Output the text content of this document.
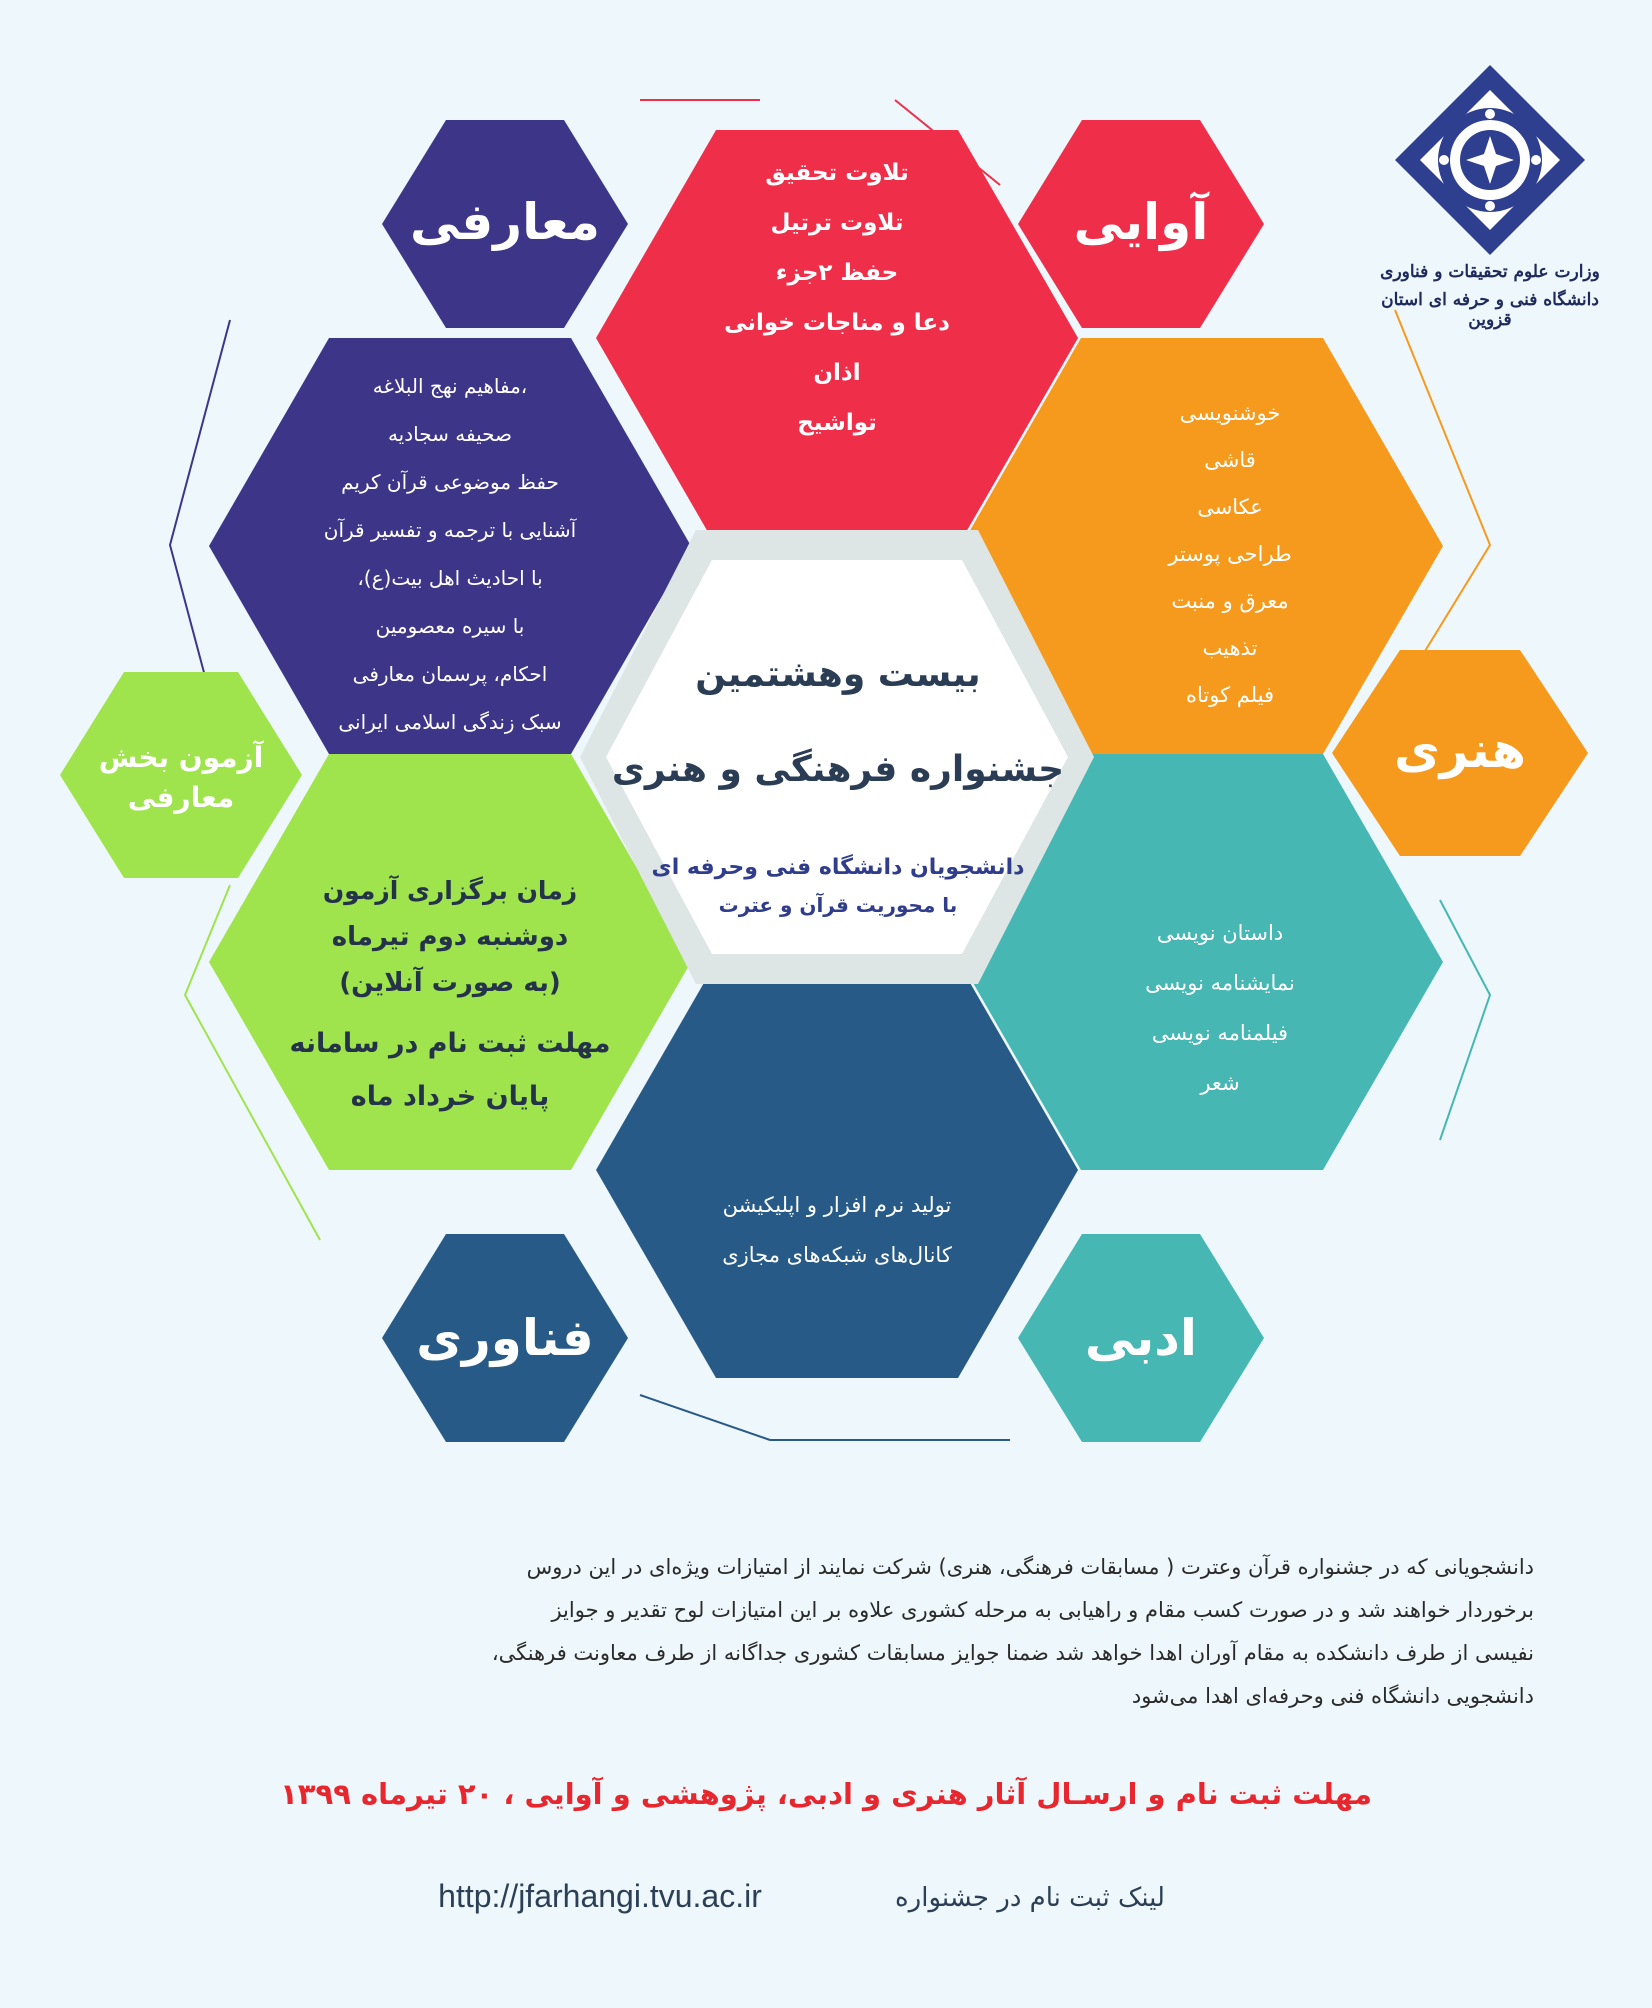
وزارت علوم تحقیقات و فناوری
دانشگاه فنی و حرفه ای استان قزوین
معارفی	آوایی
هنری
ادبی
فناوری
آزمون بخش
معارفی
تلاوت تحقیق
تلاوت ترتیل
حفظ ۲جزء
دعا و مناجات خوانی
اذان
تواشیح
،مفاهیم نهج البلاغه
صحیفه سجادیه
حفظ موضوعی قرآن کریم
آشنایی با ترجمه و تفسیر قرآن
با احادیث اهل بیت(ع)،
با سیره معصومین
احکام، پرسمان معارفی
سبک زندگی اسلامی ایرانی
خوشنویسی
قاشی
عکاسی
طراحی پوستر
معرق و منبت
تذهیب
فیلم کوتاه
داستان نویسی
نمایشنامه نویسی
فیلمنامه نویسی
شعر
تولید نرم افزار و اپلیکیشن
کانال‌های شبکه‌های مجازی
زمان برگزاری آزمون
دوشنبه دوم تیرماه
(به صورت آنلاین)
مهلت ثبت نام در سامانه
پایان خرداد ماه
بیست وهشتمین
جشنواره فرهنگی و هنری
دانشجویان دانشگاه فنی وحرفه ای
با محوریت قرآن و عترت
دانشجویانی که در جشنواره قرآن وعترت ( مسابقات فرهنگی، هنری) شرکت نمایند از امتیازات ویژه‌ای در این دروس
برخوردار خواهند شد و در صورت کسب مقام و راهیابی به مرحله کشوری علاوه بر این امتیازات لوح تقدیر و جوایز
نفیسی از طرف دانشکده به مقام آوران اهدا خواهد شد ضمنا جوایز مسابقات کشوری جداگانه از طرف معاونت فرهنگی،
دانشجویی دانشگاه فنی وحرفه‌ای اهدا می‌شود
مهلت ثبت نام و ارسـال آثار هنری و ادبی، پژوهشی و آوایی ، ۲۰ تیرماه ۱۳۹۹
لینک ثبت نام در جشنواره
http://jfarhangi.tvu.ac.ir
